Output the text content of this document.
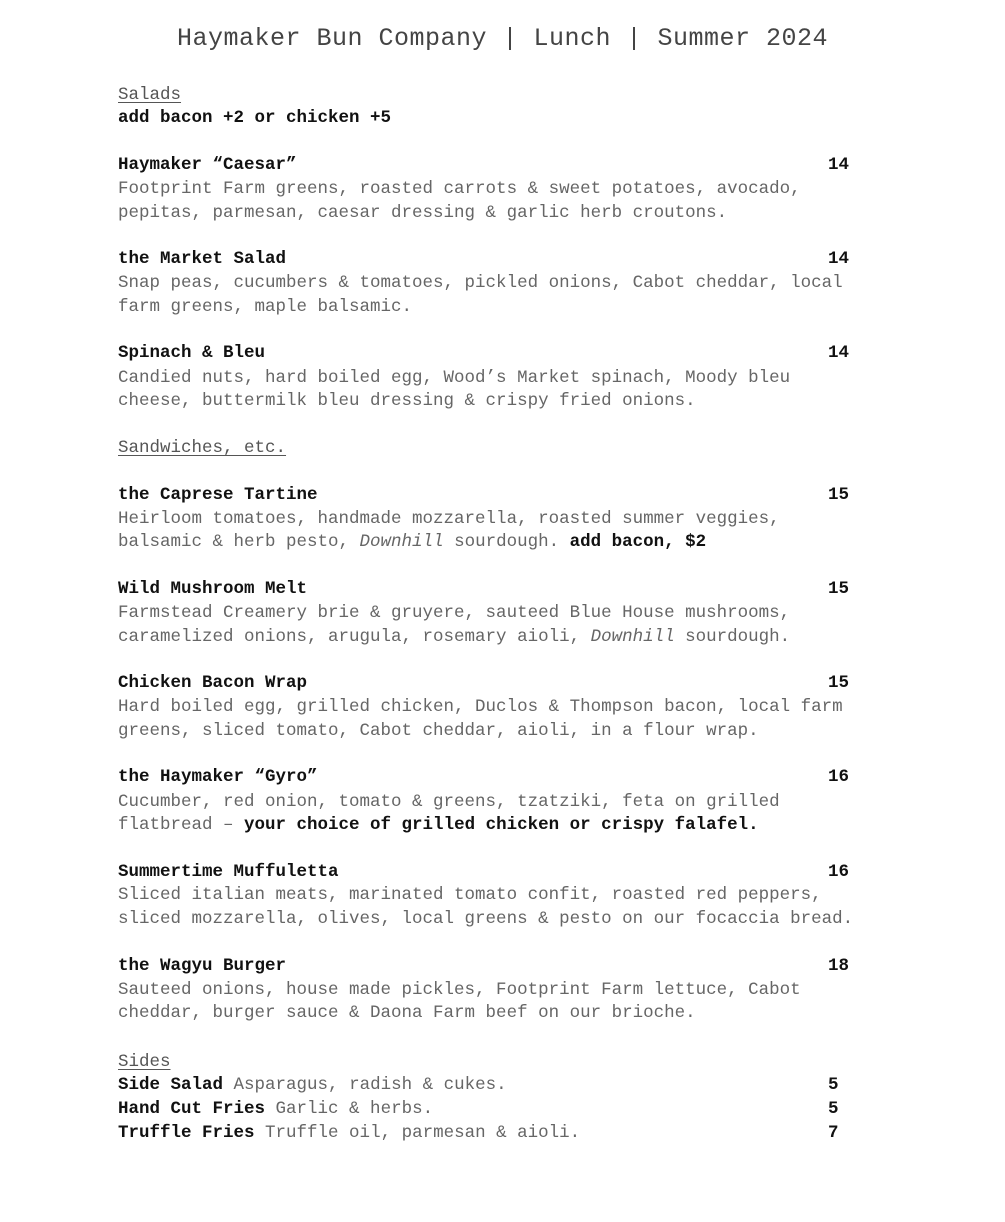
Haymaker Bun Company | Lunch | Summer 2024
Salads
add bacon +2 or chicken +5
Haymaker “Caesar”	14
Footprint Farm greens, roasted carrots & sweet potatoes, avocado,
pepitas, parmesan, caesar dressing & garlic herb croutons.
the Market Salad	14
Snap peas, cucumbers & tomatoes, pickled onions, Cabot cheddar, local
farm greens, maple balsamic.
Spinach & Bleu	14
Candied nuts, hard boiled egg, Wood’s Market spinach, Moody bleu
cheese, buttermilk bleu dressing & crispy fried onions.
Sandwiches, etc.
the Caprese Tartine	15
Heirloom tomatoes, handmade mozzarella, roasted summer veggies,
balsamic & herb pesto, Downhill sourdough. add bacon, $2
Wild Mushroom Melt	15
Farmstead Creamery brie & gruyere, sauteed Blue House mushrooms,
caramelized onions, arugula, rosemary aioli, Downhill sourdough.
Chicken Bacon Wrap	15
Hard boiled egg, grilled chicken, Duclos & Thompson bacon, local farm
greens, sliced tomato, Cabot cheddar, aioli, in a flour wrap.
the Haymaker “Gyro”	16
Cucumber, red onion, tomato & greens, tzatziki, feta on grilled
flatbread – your choice of grilled chicken or crispy falafel.
Summertime Muffuletta	16
Sliced italian meats, marinated tomato confit, roasted red peppers,
sliced mozzarella, olives, local greens & pesto on our focaccia bread.
the Wagyu Burger	18
Sauteed onions, house made pickles, Footprint Farm lettuce, Cabot
cheddar, burger sauce & Daona Farm beef on our brioche.
Sides
Side Salad Asparagus, radish & cukes.	5
Hand Cut Fries Garlic & herbs.	5
Truffle Fries Truffle oil, parmesan & aioli.	7
